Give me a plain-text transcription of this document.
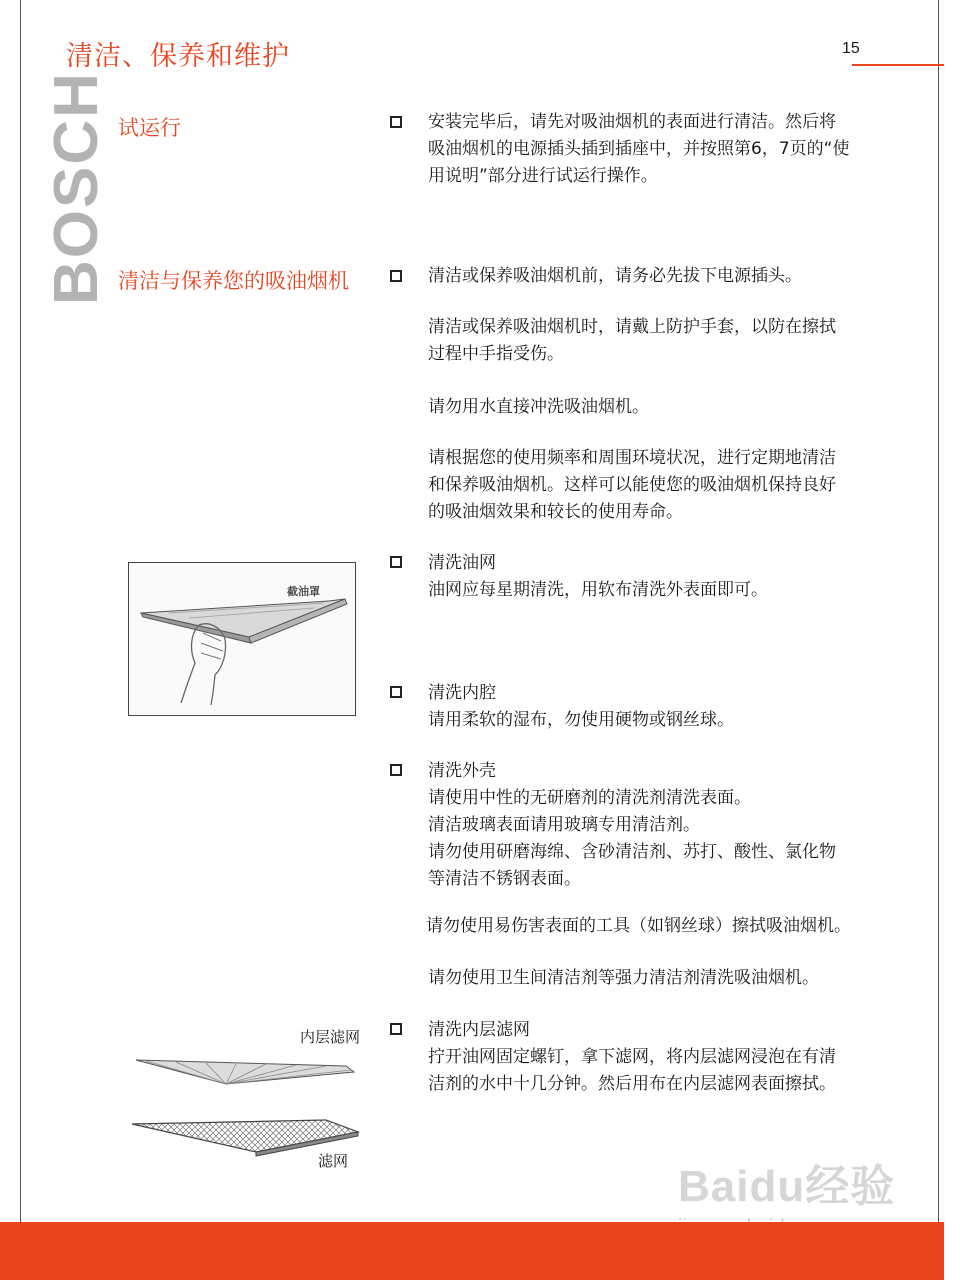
清洁、保养和维护	15
BOSCH 试运行	安装完毕后，请先对吸油烟机的表面进行清洁。然后将
吸油烟机的电源插头插到插座中，并按照第6，7页的“使
用说明”部分进行试运行操作。

清洁与保养您的吸油烟机	清洁或保养吸油烟机前，请务必先拔下电源插头。

清洁或保养吸油烟机时，请戴上防护手套，以防在擦拭
过程中手指受伤。

请勿用水直接冲洗吸油烟机。

请根据您的使用频率和周围环境状况，进行定期地清洁
和保养吸油烟机。这样可以能使您的吸油烟机保持良好
的吸油烟效果和较长的使用寿命。

清洗油网
油网应每星期清洗，用软布清洗外表面即可。

截油罩

清洗内腔
请用柔软的湿布，勿使用硬物或钢丝球。

清洗外壳
请使用中性的无研磨剂的清洗剂清洗表面。
清洁玻璃表面请用玻璃专用清洁剂。
请勿使用研磨海绵、含砂清洁剂、苏打、酸性、氯化物
等清洁不锈钢表面。

请勿使用易伤害表面的工具（如钢丝球）擦拭吸油烟机。

请勿使用卫生间清洁剂等强力清洁剂清洗吸油烟机。

清洗内层滤网
拧开油网固定螺钉，拿下滤网，将内层滤网浸泡在有清
洁剂的水中十几分钟。然后用布在内层滤网表面擦拭。

内层滤网
滤网
Baidu经验
